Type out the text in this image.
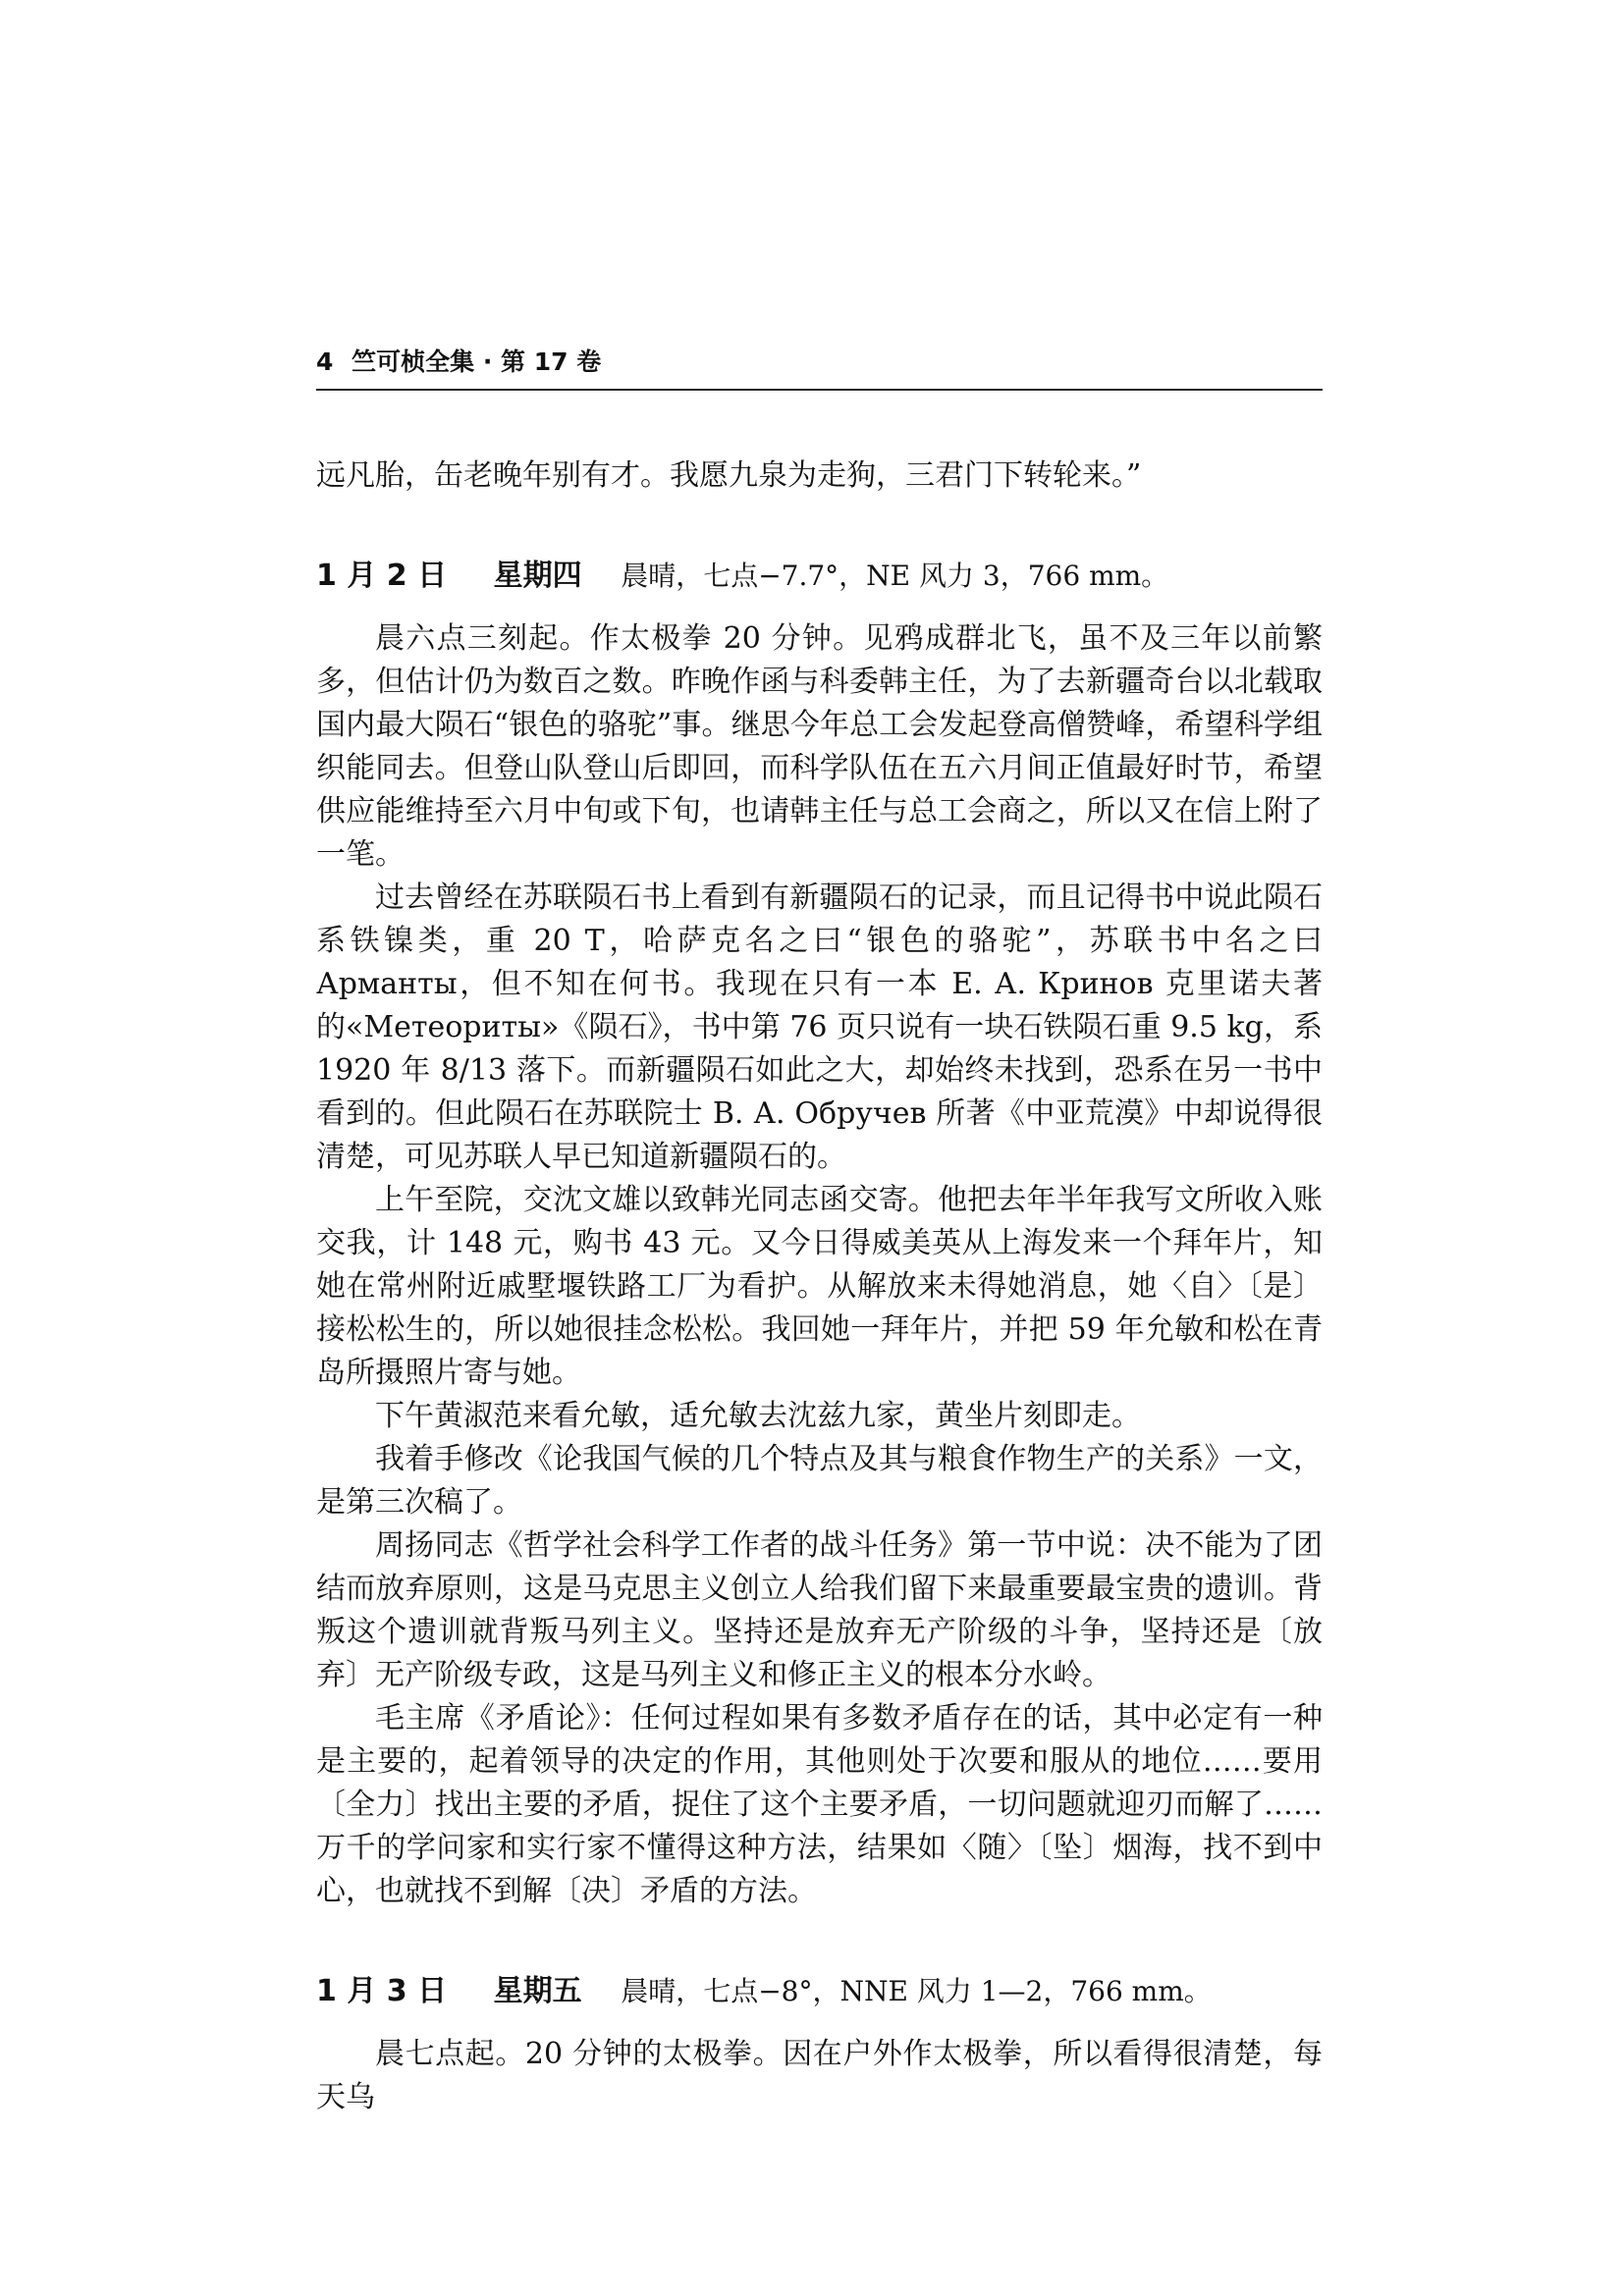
4 竺可桢全集 · 第 17 卷

远凡胎，缶老晚年别有才。我愿九泉为走狗，三君门下转轮来。”

1 月 2 日 星期四 晨晴，七点−7.7°，NE 风力 3，766 mm。

晨六点三刻起。作太极拳 20 分钟。见鸦成群北飞，虽不及三年以前繁多，但估计仍为数百之数。昨晚作函与科委韩主任，为了去新疆奇台以北载取国内最大陨石“银色的骆驼”事。继思今年总工会发起登高僧赞峰，希望科学组织能同去。但登山队登山后即回，而科学队伍在五六月间正值最好时节，希望供应能维持至六月中旬或下旬，也请韩主任与总工会商之，所以又在信上附了一笔。

过去曾经在苏联陨石书上看到有新疆陨石的记录，而且记得书中说此陨石系铁镍类，重 20 T，哈萨克名之曰“银色的骆驼”，苏联书中名之曰 Арманты，但不知在何书。我现在只有一本 Е. А. Кринов 克里诺夫著的«Метеориты»《陨石》，书中第 76 页只说有一块石铁陨石重 9.5 kg，系 1920 年 8/13 落下。而新疆陨石如此之大，却始终未找到，恐系在另一书中看到的。但此陨石在苏联院士 В. А. Обручев 所著《中亚荒漠》中却说得很清楚，可见苏联人早已知道新疆陨石的。

上午至院，交沈文雄以致韩光同志函交寄。他把去年半年我写文所收入账交我，计 148 元，购书 43 元。又今日得威美英从上海发来一个拜年片，知她在常州附近戚墅堰铁路工厂为看护。从解放来未得她消息，她〈自〉〔是〕接松松生的，所以她很挂念松松。我回她一拜年片，并把 59 年允敏和松在青岛所摄照片寄与她。

下午黄淑范来看允敏，适允敏去沈兹九家，黄坐片刻即走。

我着手修改《论我国气候的几个特点及其与粮食作物生产的关系》一文，是第三次稿了。

周扬同志《哲学社会科学工作者的战斗任务》第一节中说：决不能为了团结而放弃原则，这是马克思主义创立人给我们留下来最重要最宝贵的遗训。背叛这个遗训就背叛马列主义。坚持还是放弃无产阶级的斗争，坚持还是〔放弃〕无产阶级专政，这是马列主义和修正主义的根本分水岭。

毛主席《矛盾论》：任何过程如果有多数矛盾存在的话，其中必定有一种是主要的，起着领导的决定的作用，其他则处于次要和服从的地位……要用〔全力〕找出主要的矛盾，捉住了这个主要矛盾，一切问题就迎刃而解了……万千的学问家和实行家不懂得这种方法，结果如〈随〉〔坠〕烟海，找不到中心，也就找不到解〔决〕矛盾的方法。

1 月 3 日 星期五 晨晴，七点−8°，NNE 风力 1—2，766 mm。

晨七点起。20 分钟的太极拳。因在户外作太极拳，所以看得很清楚，每天乌
